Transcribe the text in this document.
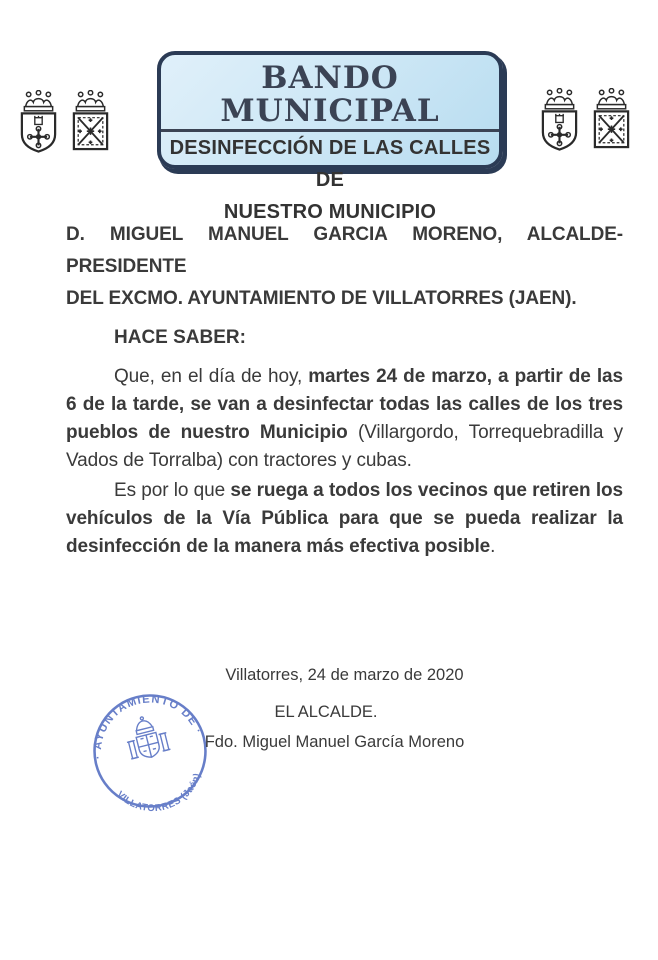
BANDO MUNICIPAL
DESINFECCIÓN DE LAS CALLES DE
NUESTRO MUNICIPIO
D. MIGUEL MANUEL GARCIA MORENO, ALCALDE-PRESIDENTE
DEL EXCMO. AYUNTAMIENTO DE VILLATORRES (JAEN).

HACE SABER:

Que, en el día de hoy, martes 24 de marzo, a partir de las 6 de la tarde, se van a desinfectar todas las calles de los tres pueblos de nuestro Municipio (Villargordo, Torrequebradilla y Vados de Torralba) con tractores y cubas.

Es por lo que se ruega a todos los vecinos que retiren los vehículos de la Vía Pública para que se pueda realizar la desinfección de la manera más efectiva posible.

· AYUNTAMIENTO DE ·
VILLATORRES (Jaén)
Villatorres, 24 de marzo de 2020
EL ALCALDE.
Fdo. Miguel Manuel García Moreno
